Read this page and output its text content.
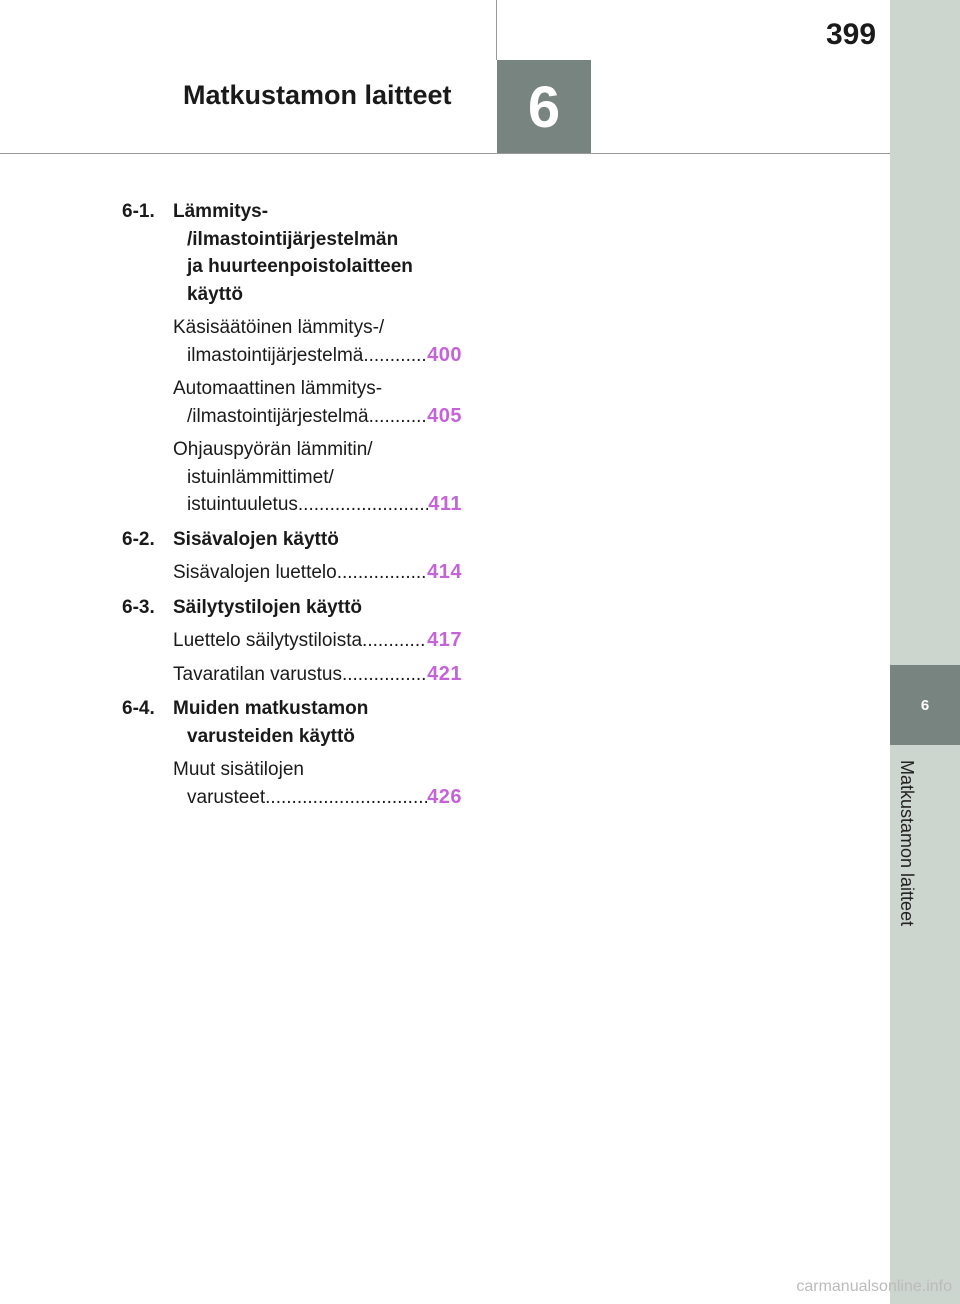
399
Matkustamon laitteet	6
6
Matkustamon laitteet
6-1. Lämmitys-
/ilmastointijärjestelmän
ja huurteenpoistolaitteen
käyttö
Käsisäätöinen lämmitys-/
ilmastointijärjestelmä .....	400
Automaattinen lämmitys-
/ilmastointijärjestelmä .....	405
Ohjauspyörän lämmitin/
istuinlämmittimet/
istuintuuletus .....	411
6-2. Sisävalojen käyttö
Sisävalojen luettelo .....	414
6-3. Säilytystilojen käyttö
Luettelo säilytystiloista .....	417
Tavaratilan varustus .....	421
6-4. Muiden matkustamon
varusteiden käyttö
Muut sisätilojen
varusteet .....	426
carmanualsonline.info
